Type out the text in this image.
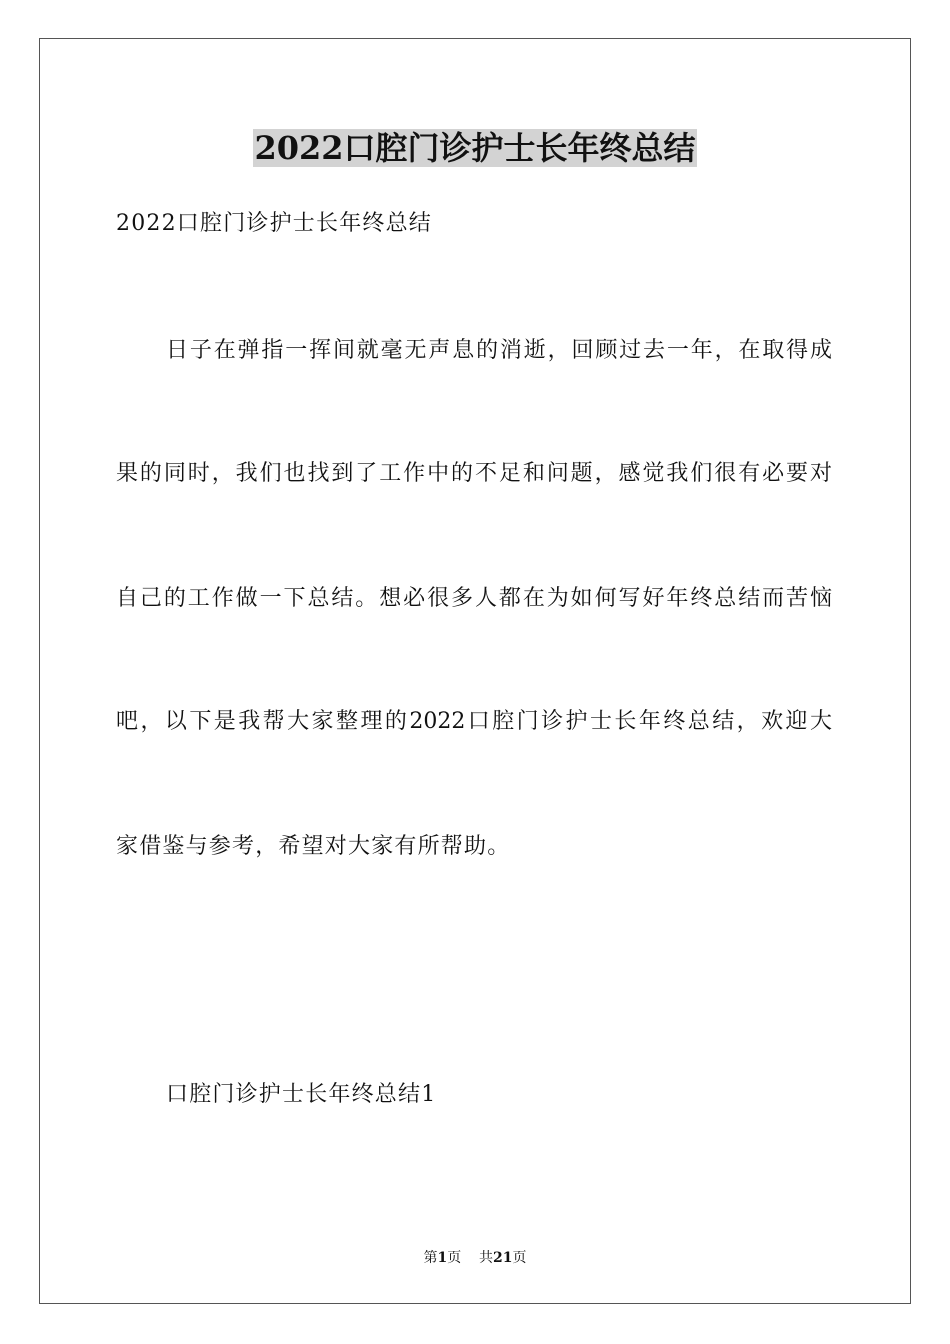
2022口腔门诊护士长年终总结
2022口腔门诊护士长年终总结
日子在弹指一挥间就毫无声息的消逝，回顾过去一年，在取得成
果的同时，我们也找到了工作中的不足和问题，感觉我们很有必要对
自己的工作做一下总结。想必很多人都在为如何写好年终总结而苦恼
吧，以下是我帮大家整理的2022口腔门诊护士长年终总结，欢迎大
家借鉴与参考，希望对大家有所帮助。
口腔门诊护士长年终总结1
第1页 共21页
